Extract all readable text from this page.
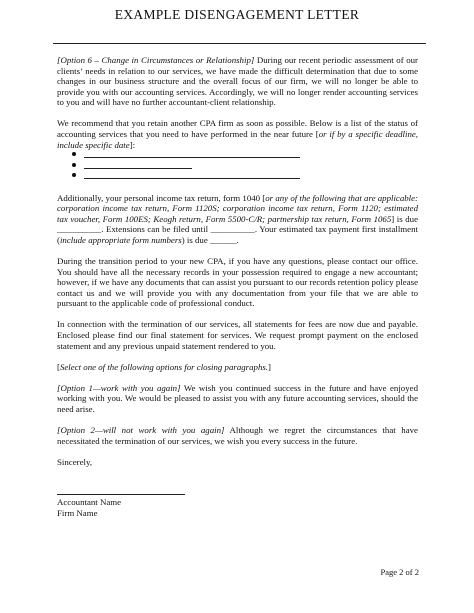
EXAMPLE DISENGAGEMENT LETTER

[Option 6 – Change in Circumstances or Relationship] During our recent periodic assessment of our clients’ needs in relation to our services, we have made the difficult determination that due to some changes in our business structure and the overall focus of our firm, we will no longer be able to provide you with our accounting services. Accordingly, we will no longer render accounting services to you and will have no further accountant-client relationship.

We recommend that you retain another CPA firm as soon as possible. Below is a list of the status of accounting services that you need to have performed in the near future [or if by a specific deadline, include specific date]:

Additionally, your personal income tax return, form 1040 [or any of the following that are applicable: corporation income tax return, Form 1120S; corporation income tax return, Form 1120; estimated tax voucher, Form 100ES; Keogh return, Form 5500-C/R; partnership tax return, Form 1065] is due __________. Extensions can be filed until __________. Your estimated tax payment first installment (include appropriate form numbers) is due ______.

During the transition period to your new CPA, if you have any questions, please contact our office. You should have all the necessary records in your possession required to engage a new accountant; however, if we have any documents that can assist you pursuant to our records retention policy please contact us and we will provide you with any documentation from your file that we are able to pursuant to the applicable code of professional conduct.

In connection with the termination of our services, all statements for fees are now due and payable. Enclosed please find our final statement for services. We request prompt payment on the enclosed statement and any previous unpaid statement rendered to you.

[Select one of the following options for closing paragraphs.]

[Option 1—work with you again] We wish you continued success in the future and have enjoyed working with you. We would be pleased to assist you with any future accounting services, should the need arise.

[Option 2—will not work with you again] Although we regret the circumstances that have necessitated the termination of our services, we wish you every success in the future.

Sincerely,

Accountant Name
Firm Name
Page 2 of 2
